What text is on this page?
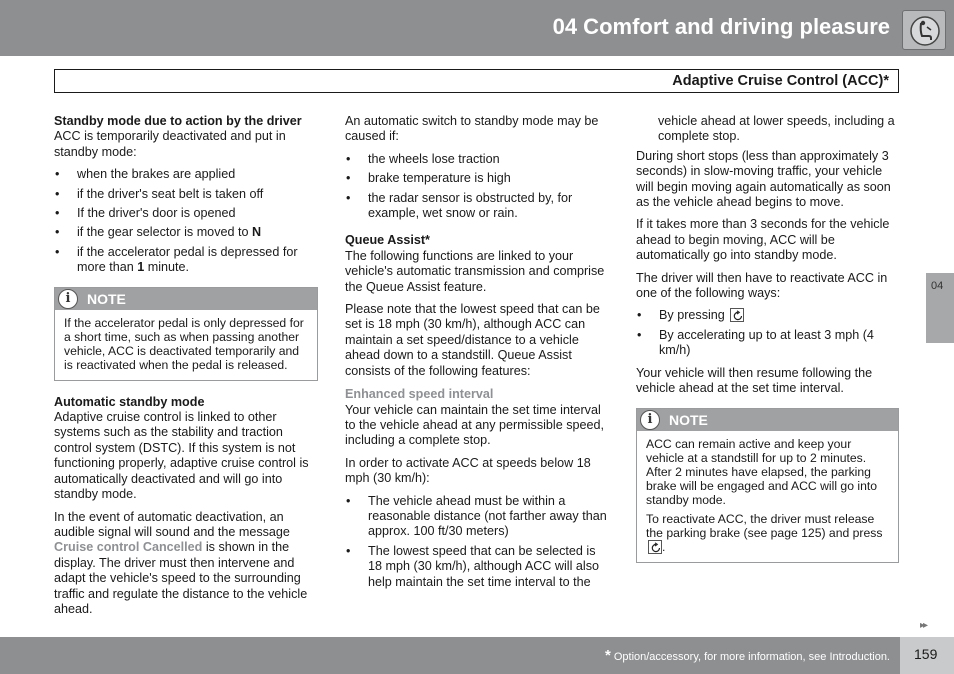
04 Comfort and driving pleasure
Adaptive Cruise Control (ACC)*
Standby mode due to action by the driver
ACC is temporarily deactivated and put in standby mode:
• when the brakes are applied
• if the driver's seat belt is taken off
• If the driver's door is opened
• if the gear selector is moved to N
• if the accelerator pedal is depressed for more than 1 minute.
i	NOTE
If the accelerator pedal is only depressed for a short time, such as when passing another vehicle, ACC is deactivated temporarily and is reactivated when the pedal is released.
Automatic standby mode
Adaptive cruise control is linked to other systems such as the stability and traction control system (DSTC). If this system is not functioning properly, adaptive cruise control is automatically deactivated and will go into standby mode.
In the event of automatic deactivation, an audible signal will sound and the message Cruise control Cancelled is shown in the display. The driver must then intervene and adapt the vehicle's speed to the surrounding traffic and regulate the distance to the vehicle ahead.
An automatic switch to standby mode may be caused if:
• the wheels lose traction
• brake temperature is high
• the radar sensor is obstructed by, for example, wet snow or rain.
Queue Assist*
The following functions are linked to your vehicle's automatic transmission and comprise the Queue Assist feature.
Please note that the lowest speed that can be set is 18 mph (30 km/h), although ACC can maintain a set speed/distance to a vehicle ahead down to a standstill. Queue Assist consists of the following features:
Enhanced speed interval
Your vehicle can maintain the set time interval to the vehicle ahead at any permissible speed, including a complete stop.
In order to activate ACC at speeds below 18 mph (30 km/h):
• The vehicle ahead must be within a reasonable distance (not farther away than approx. 100 ft/30 meters)
• The lowest speed that can be selected is 18 mph (30 km/h), although ACC will also help maintain the set time interval to the
vehicle ahead at lower speeds, including a complete stop.
During short stops (less than approximately 3 seconds) in slow-moving traffic, your vehicle will begin moving again automatically as soon as the vehicle ahead begins to move.
If it takes more than 3 seconds for the vehicle ahead to begin moving, ACC will be automatically go into standby mode.
The driver will then have to reactivate ACC in one of the following ways:
• By pressing
• By accelerating up to at least 3 mph (4 km/h)
Your vehicle will then resume following the vehicle ahead at the set time interval.
i	NOTE
ACC can remain active and keep your vehicle at a standstill for up to 2 minutes. After 2 minutes have elapsed, the parking brake will be engaged and ACC will go into standby mode.
To reactivate ACC, the driver must release the parking brake (see page 125) and press
.
04
▸▸
* Option/accessory, for more information, see Introduction. 159
